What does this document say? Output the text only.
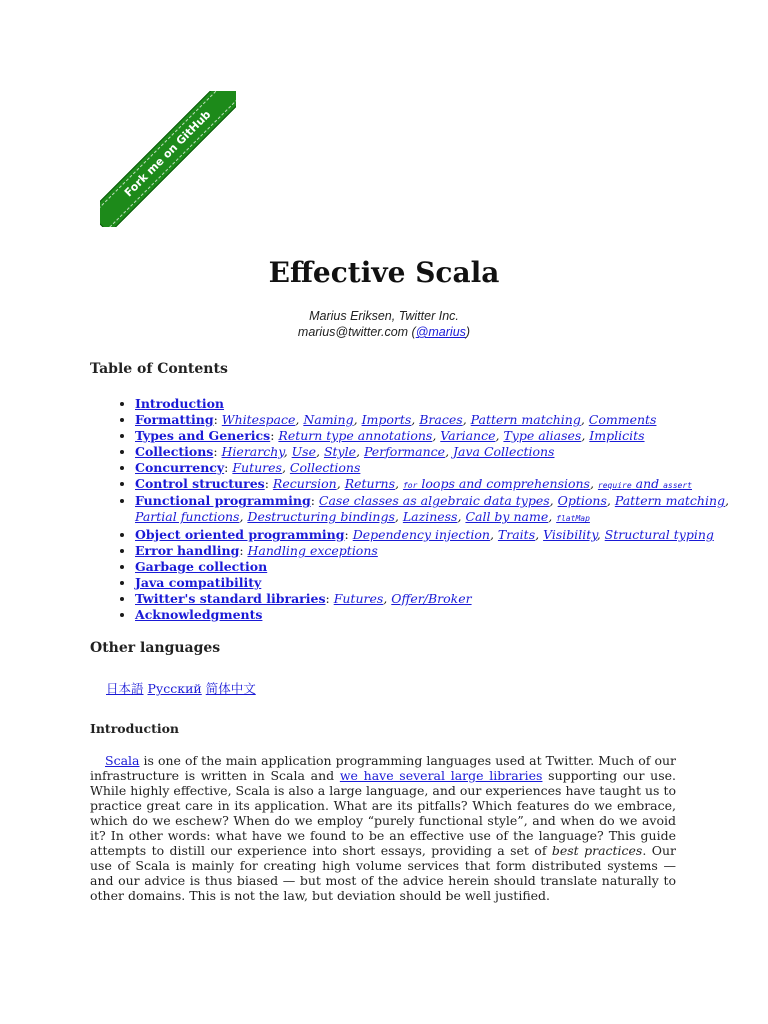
Fork me on GitHub
Effective Scala
Marius Eriksen, Twitter Inc.
marius@twitter.com (@marius)
Table of Contents
• Introduction
• Formatting: Whitespace, Naming, Imports, Braces, Pattern matching, Comments
• Types and Generics: Return type annotations, Variance, Type aliases, Implicits
• Collections: Hierarchy, Use, Style, Performance, Java Collections
• Concurrency: Futures, Collections
• Control structures: Recursion, Returns, for loops and comprehensions, require and assert
• Functional programming: Case classes as algebraic data types, Options, Pattern matching, Partial functions, Destructuring bindings, Laziness, Call by name, flatMap
• Object oriented programming: Dependency injection, Traits, Visibility, Structural typing
• Error handling: Handling exceptions
• Garbage collection
• Java compatibility
• Twitter's standard libraries: Futures, Offer/Broker
• Acknowledgments
Other languages
日本語 Русский 简体中文
Introduction

Scala is one of the main application programming languages used at Twitter. Much of our infrastructure is written in Scala and we have several large libraries supporting our use. While highly effective, Scala is also a large language, and our experiences have taught us to practice great care in its application. What are its pitfalls? Which features do we embrace, which do we eschew? When do we employ “purely functional style”, and when do we avoid it? In other words: what have we found to be an effective use of the language? This guide attempts to distill our experience into short essays, providing a set of best practices. Our use of Scala is mainly for creating high volume services that form distributed systems — and our advice is thus biased — but most of the advice herein should translate naturally to other domains. This is not the law, but deviation should be well justified.
